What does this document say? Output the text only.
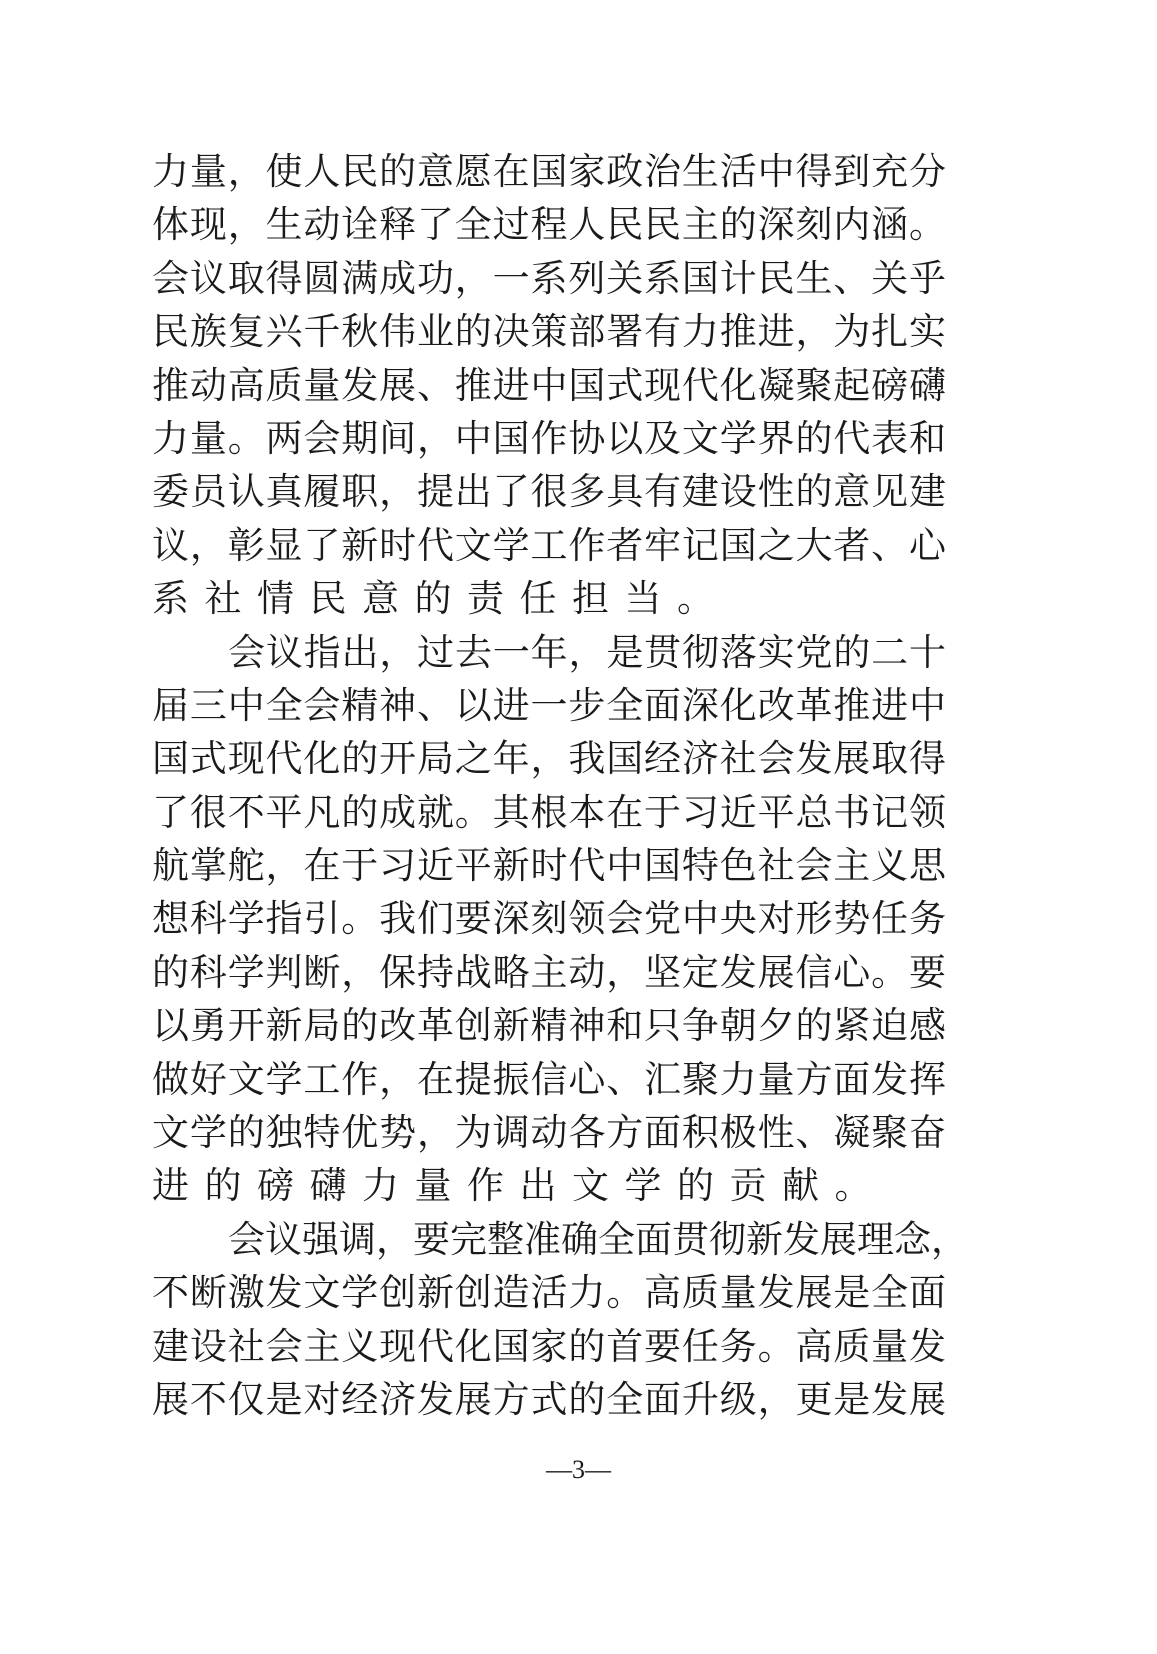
力量，使人民的意愿在国家政治生活中得到充分
体现，生动诠释了全过程人民民主的深刻内涵。
会议取得圆满成功，一系列关系国计民生、关乎
民族复兴千秋伟业的决策部署有力推进，为扎实
推动高质量发展、推进中国式现代化凝聚起磅礴
力量。两会期间，中国作协以及文学界的代表和
委员认真履职，提出了很多具有建设性的意见建
议，彰显了新时代文学工作者牢记国之大者、心
系社情民意的责任担当。
会议指出，过去一年，是贯彻落实党的二十
届三中全会精神、以进一步全面深化改革推进中
国式现代化的开局之年，我国经济社会发展取得
了很不平凡的成就。其根本在于习近平总书记领
航掌舵，在于习近平新时代中国特色社会主义思
想科学指引。我们要深刻领会党中央对形势任务
的科学判断，保持战略主动，坚定发展信心。要
以勇开新局的改革创新精神和只争朝夕的紧迫感
做好文学工作，在提振信心、汇聚力量方面发挥
文学的独特优势，为调动各方面积极性、凝聚奋
进的磅礴力量作出文学的贡献。
会议强调，要完整准确全面贯彻新发展理念，
不断激发文学创新创造活力。高质量发展是全面
建设社会主义现代化国家的首要任务。高质量发
展不仅是对经济发展方式的全面升级，更是发展
—3—
